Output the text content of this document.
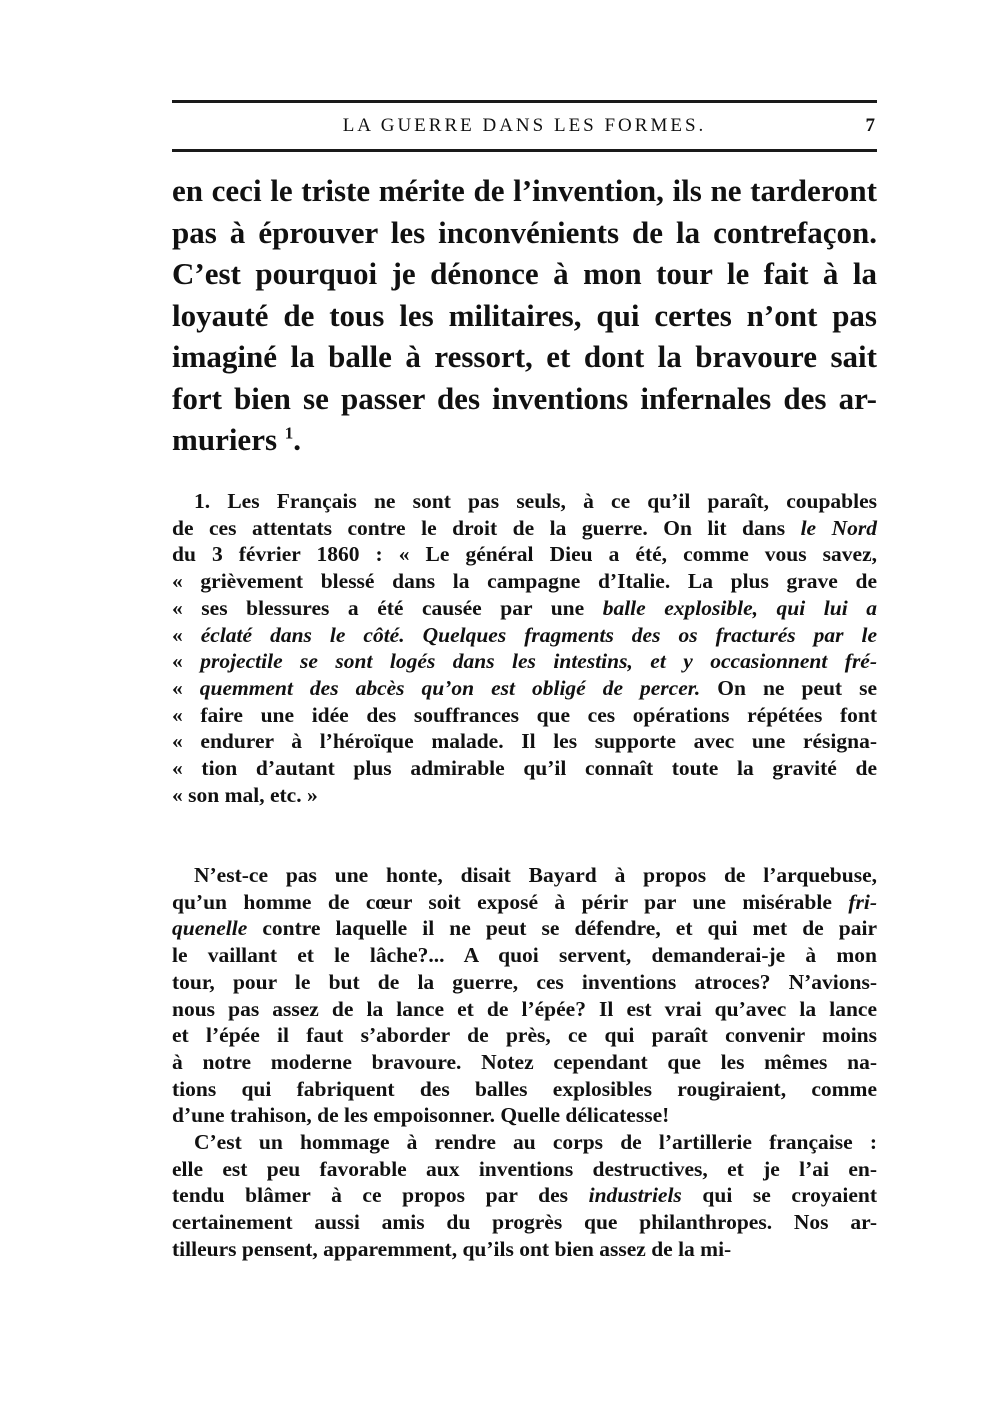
LA GUERRE DANS LES FORMES.	7
en ceci le triste mérite de l’invention, ils ne tarderont
pas à éprouver les inconvénients de la contrefaçon.
C’est pourquoi je dénonce à mon tour le fait à la
loyauté de tous les militaires, qui certes n’ont pas
imaginé la balle à ressort, et dont la bravoure sait
fort bien se passer des inventions infernales des ar-
muriers $^1$.
1. Les Français ne sont pas seuls, à ce qu’il paraît, coupables
de ces attentats contre le droit de la guerre. On lit dans le Nord
du 3 février 1860 : « Le général Dieu a été, comme vous savez,
« grièvement blessé dans la campagne d’Italie. La plus grave de
« ses blessures a été causée par une balle explosible, qui lui a
« éclaté dans le côté. Quelques fragments des os fracturés par le
« projectile se sont logés dans les intestins, et y occasionnent fré-
« quemment des abcès qu’on est obligé de percer. On ne peut se
« faire une idée des souffrances que ces opérations répétées font
« endurer à l’héroïque malade. Il les supporte avec une résigna-
« tion d’autant plus admirable qu’il connaît toute la gravité de
« son mal, etc. »
N’est-ce pas une honte, disait Bayard à propos de l’arquebuse,
qu’un homme de cœur soit exposé à périr par une misérable fri-
quenelle contre laquelle il ne peut se défendre, et qui met de pair
le vaillant et le lâche?... A quoi servent, demanderai-je à mon
tour, pour le but de la guerre, ces inventions atroces? N’avions-
nous pas assez de la lance et de l’épée? Il est vrai qu’avec la lance
et l’épée il faut s’aborder de près, ce qui paraît convenir moins
à notre moderne bravoure. Notez cependant que les mêmes na-
tions qui fabriquent des balles explosibles rougiraient, comme
d’une trahison, de les empoisonner. Quelle délicatesse!
C’est un hommage à rendre au corps de l’artillerie française :
elle est peu favorable aux inventions destructives, et je l’ai en-
tendu blâmer à ce propos par des industriels qui se croyaient
certainement aussi amis du progrès que philanthropes. Nos ar-
tilleurs pensent, apparemment, qu’ils ont bien assez de la mi-
